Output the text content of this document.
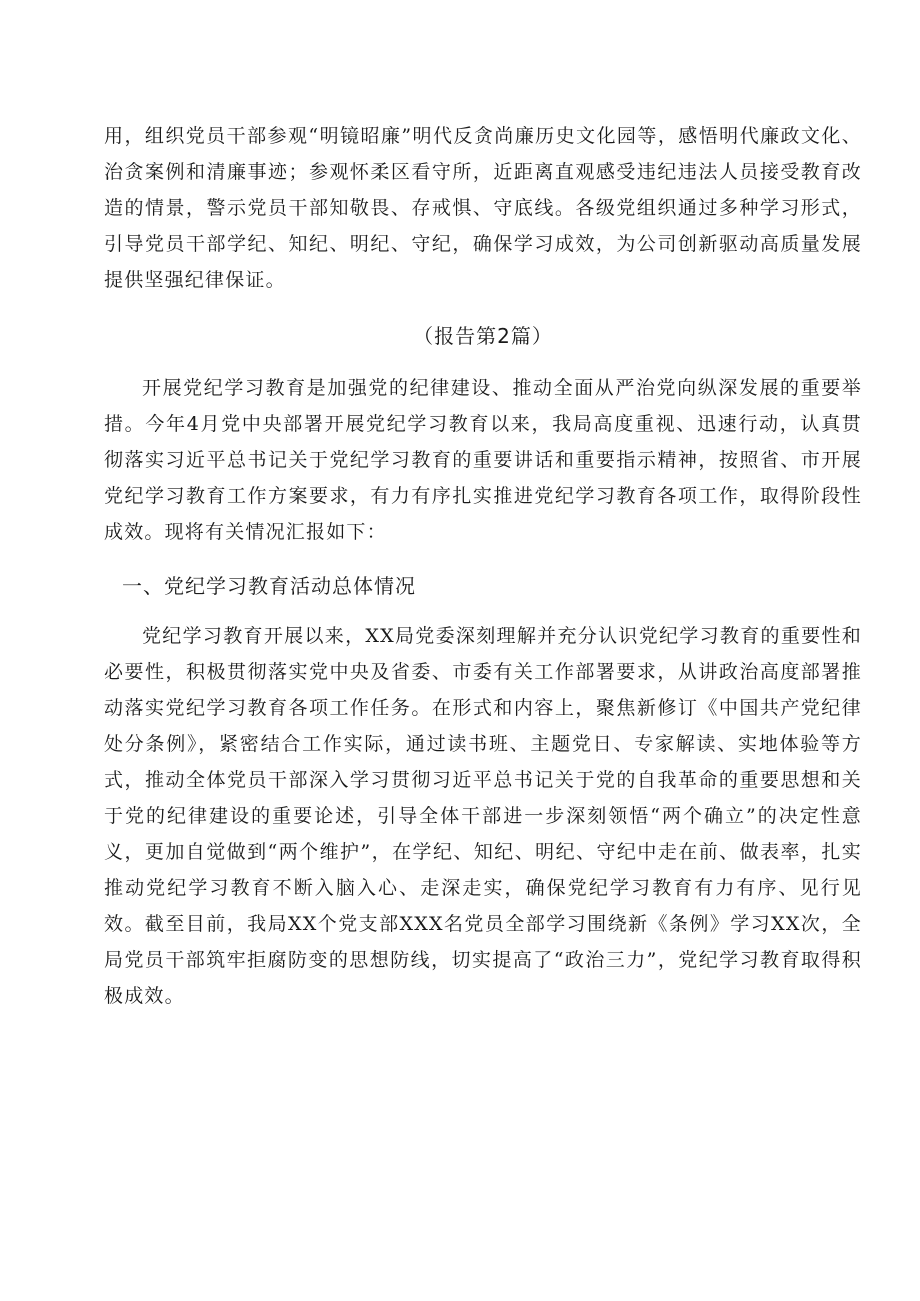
用，组织党员干部参观“明镜昭廉”明代反贪尚廉历史文化园等，感悟明代廉政文化、治贪案例和清廉事迹；参观怀柔区看守所，近距离直观感受违纪违法人员接受教育改造的情景，警示党员干部知敬畏、存戒惧、守底线。各级党组织通过多种学习形式，引导党员干部学纪、知纪、明纪、守纪，确保学习成效，为公司创新驱动高质量发展提供坚强纪律保证。

（报告第2篇）

开展党纪学习教育是加强党的纪律建设、推动全面从严治党向纵深发展的重要举措。今年4月党中央部署开展党纪学习教育以来，我局高度重视、迅速行动，认真贯彻落实习近平总书记关于党纪学习教育的重要讲话和重要指示精神，按照省、市开展党纪学习教育工作方案要求，有力有序扎实推进党纪学习教育各项工作，取得阶段性成效。现将有关情况汇报如下：

一、党纪学习教育活动总体情况

党纪学习教育开展以来，XX局党委深刻理解并充分认识党纪学习教育的重要性和必要性，积极贯彻落实党中央及省委、市委有关工作部署要求，从讲政治高度部署推动落实党纪学习教育各项工作任务。在形式和内容上，聚焦新修订《中国共产党纪律处分条例》，紧密结合工作实际，通过读书班、主题党日、专家解读、实地体验等方式，推动全体党员干部深入学习贯彻习近平总书记关于党的自我革命的重要思想和关于党的纪律建设的重要论述，引导全体干部进一步深刻领悟“两个确立”的决定性意义，更加自觉做到“两个维护”，在学纪、知纪、明纪、守纪中走在前、做表率，扎实推动党纪学习教育不断入脑入心、走深走实，确保党纪学习教育有力有序、见行见效。截至目前，我局XX个党支部XXX名党员全部学习围绕新《条例》学习XX次，全局党员干部筑牢拒腐防变的思想防线，切实提高了“政治三力”，党纪学习教育取得积极成效。
